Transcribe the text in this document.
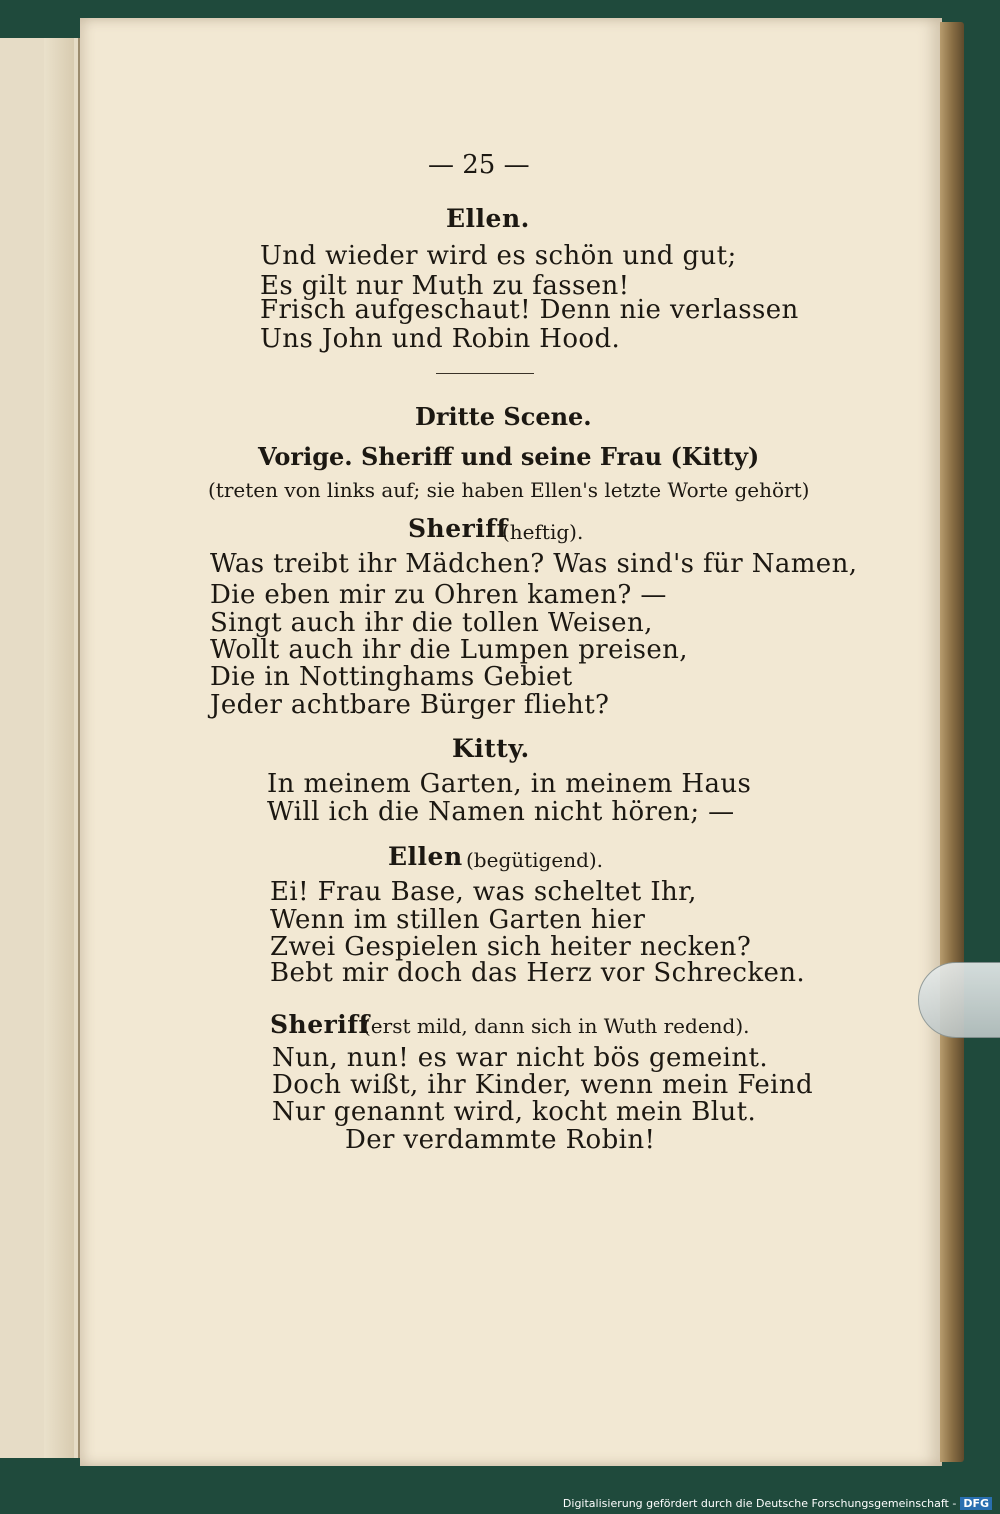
— 25 —
Ellen.
Und wieder wird es schön und gut;
Es gilt nur Muth zu fassen!
Frisch aufgeschaut! Denn nie verlassen
Uns John und Robin Hood.
Dritte Scene.
Vorige. Sheriff und seine Frau (Kitty)
(treten von links auf; sie haben Ellen's letzte Worte gehört)
Sheriff
(heftig).
Was treibt ihr Mädchen? Was sind's für Namen,
Die eben mir zu Ohren kamen? —
Singt auch ihr die tollen Weisen,
Wollt auch ihr die Lumpen preisen,
Die in Nottinghams Gebiet
Jeder achtbare Bürger flieht?
Kitty.
In meinem Garten, in meinem Haus
Will ich die Namen nicht hören; —
Ellen (begütigend).
Ei! Frau Base, was scheltet Ihr,
Wenn im stillen Garten hier
Zwei Gespielen sich heiter necken?
Bebt mir doch das Herz vor Schrecken.
Sheriff
(erst mild, dann sich in Wuth redend).
Nun, nun! es war nicht bös gemeint.
Doch wißt, ihr Kinder, wenn mein Feind
Nur genannt wird, kocht mein Blut.
Der verdammte Robin!
Digitalisierung gefördert durch die Deutsche Forschungsgemeinschaft - DFG
